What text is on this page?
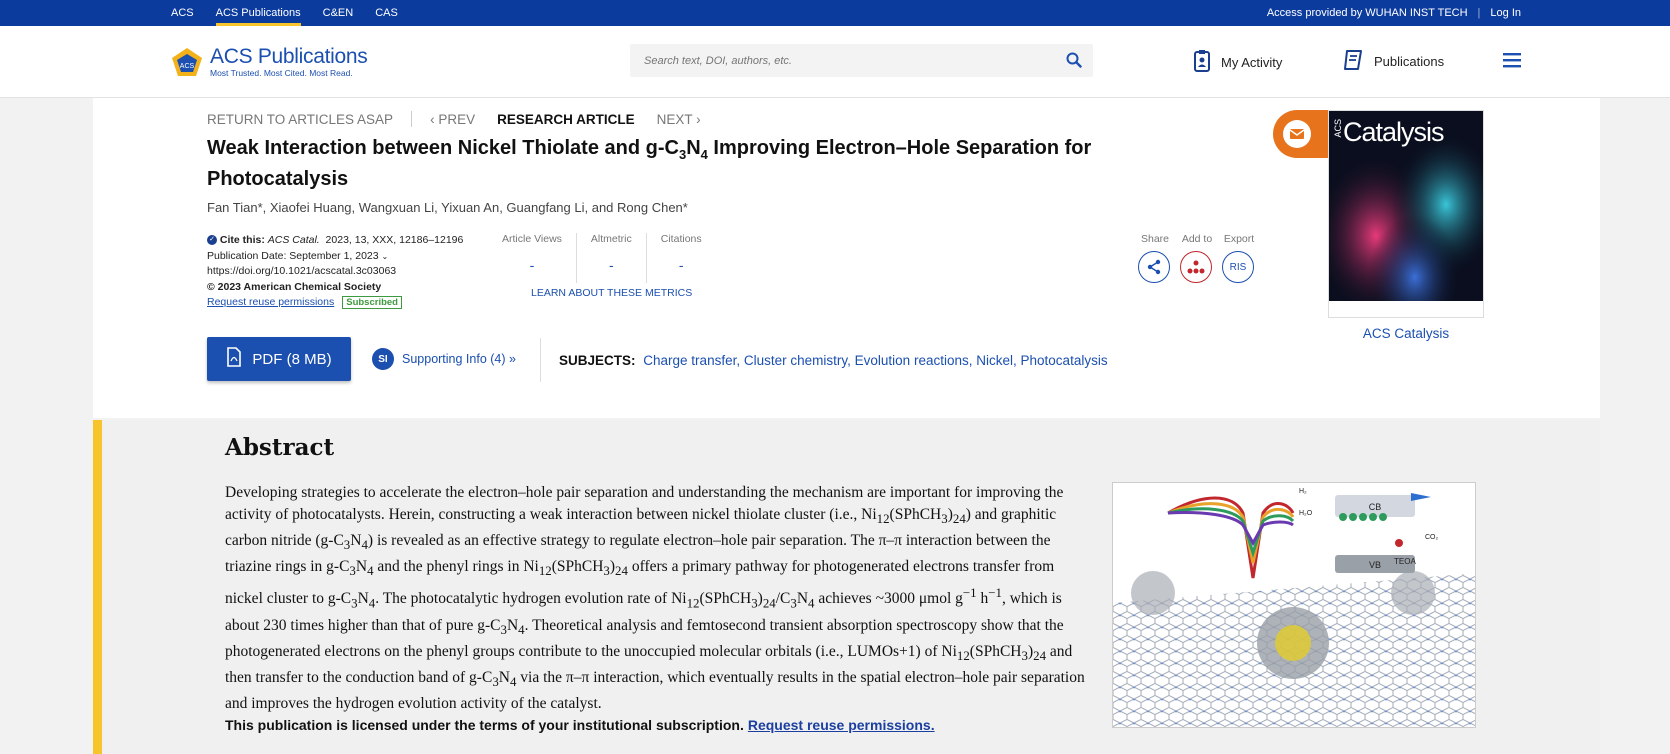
ACS ACS Publications C&EN CAS	Access provided by WUHAN INST TECH | Log In
ACS ACS Publications
Most Trusted. Most Cited. Most Read.
Search text, DOI, authors, etc.
My Activity	Publications
RETURN TO ARTICLES ASAP	‹ PREV RESEARCH ARTICLE NEXT ›
Weak Interaction between Nickel Thiolate and $g-C_3N_4$ Improving Electron–Hole Separation for Photocatalysis
Fan Tian*, Xiaofei Huang, Wangxuan Li, Yixuan An, Guangfang Li, and Rong Chen*
✓ Cite this: ACS Catal. 2023, 13, XXX, 12186–12196
Publication Date: September 1, 2023 ⌄
https://doi.org/10.1021/acscatal.3c03063
© 2023 American Chemical Society
Request reuse permissions Subscribed
Article Views
-
Altmetric
-
Citations
-
LEARN ABOUT THESE METRICS
Share Add to Export
RIS
ACS Catalysis
ACS Catalysis
PDF (8 MB)	SI	Supporting Info (4) »	SUBJECTS: Charge transfer, Cluster chemistry, Evolution reactions, Nickel, Photocatalysis
Abstract
Developing strategies to accelerate the electron–hole pair separation and understanding the mechanism are important for improving the activity of photocatalysts. Herein, constructing a weak interaction between nickel thiolate cluster (i.e., $Ni_{12}(SPhCH_3)_{24}$) and graphitic carbon nitride $(g-C_3N_4)$ is revealed as an effective strategy to regulate electron–hole pair separation. The π–π interaction between the triazine rings in $g-C_3N_4$ and the phenyl rings in $Ni_{12}(SPhCH_3)_{24}$ offers a primary pathway for photogenerated electrons transfer from nickel cluster to $g-C_3N_4$. The photocatalytic hydrogen evolution rate of $Ni_{12}(SPhCH_3)_{24}/C_3N_4$ achieves ~3000 μmol $g^{-1}$ $h^{-1}$, which is about 230 times higher than that of pure $g-C_3N_4$. Theoretical analysis and femtosecond transient absorption spectroscopy show that the photogenerated electrons on the phenyl groups contribute to the unoccupied molecular orbitals (i.e., LUMOs+1) of $Ni_{12}(SPhCH_3)_{24}$ and then transfer to the conduction band of $g-C_3N_4$ via the π–π interaction, which eventually results in the spatial electron–hole pair separation and improves the hydrogen evolution activity of the catalyst.
CB
VB TEOA
H₂
H₂O
CO₂
This publication is licensed under the terms of your institutional subscription. Request reuse permissions.
